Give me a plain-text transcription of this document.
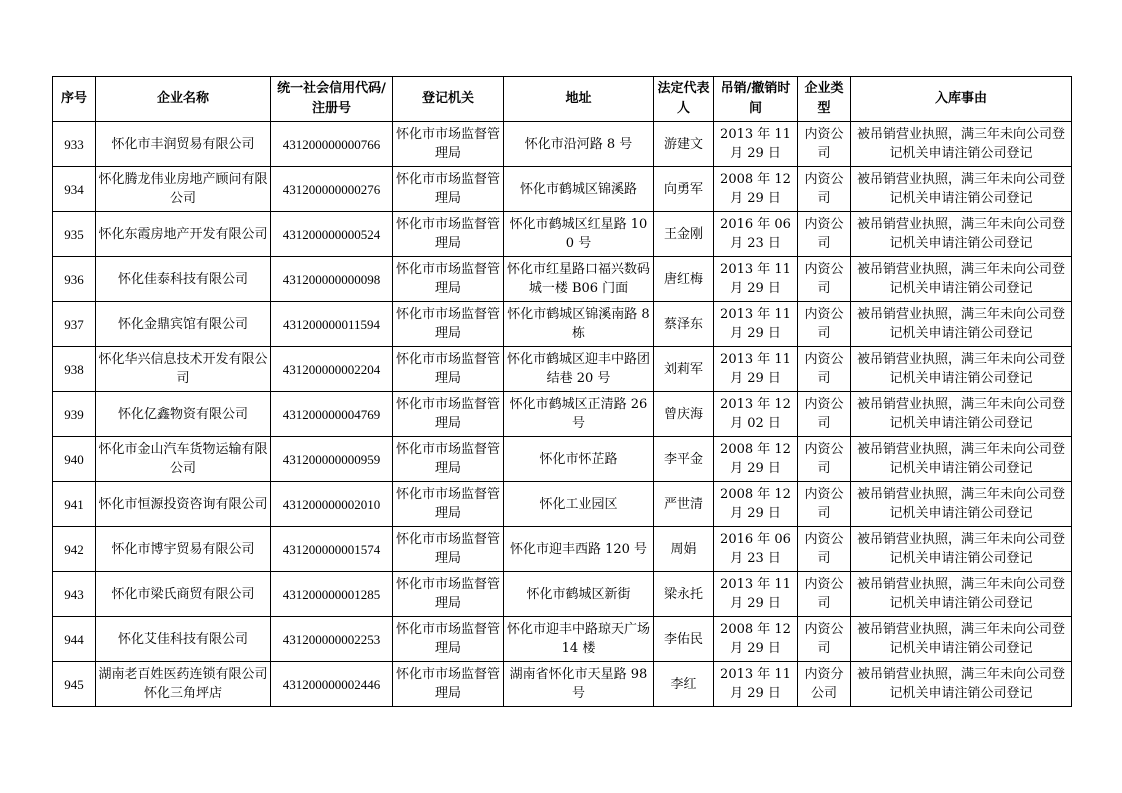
序号	企业名称	统一社会信用代码/注册号	登记机关	地址	法定代表人	吊销/撤销时间	企业类型	入库事由
933	怀化市丰润贸易有限公司	431200000000766	怀化市市场监督管理局	怀化市沿河路 8 号	游建文	2013 年 11 月 29 日	内资公司	被吊销营业执照，满三年未向公司登记机关申请注销公司登记
934	怀化腾龙伟业房地产顾问有限公司	431200000000276	怀化市市场监督管理局	怀化市鹤城区锦溪路	向勇军	2008 年 12 月 29 日	内资公司	被吊销营业执照，满三年未向公司登记机关申请注销公司登记
935	怀化东霞房地产开发有限公司	431200000000524	怀化市市场监督管理局	怀化市鹤城区红星路 100 号	王金刚	2016 年 06 月 23 日	内资公司	被吊销营业执照，满三年未向公司登记机关申请注销公司登记
936	怀化佳泰科技有限公司	431200000000098	怀化市市场监督管理局	怀化市红星路口福兴数码城一楼 B06 门面	唐红梅	2013 年 11 月 29 日	内资公司	被吊销营业执照，满三年未向公司登记机关申请注销公司登记
937	怀化金鼎宾馆有限公司	431200000011594	怀化市市场监督管理局	怀化市鹤城区锦溪南路 8 栋	蔡泽东	2013 年 11 月 29 日	内资公司	被吊销营业执照，满三年未向公司登记机关申请注销公司登记
938	怀化华兴信息技术开发有限公司	431200000002204	怀化市市场监督管理局	怀化市鹤城区迎丰中路团结巷 20 号	刘莉军	2013 年 11 月 29 日	内资公司	被吊销营业执照，满三年未向公司登记机关申请注销公司登记
939	怀化亿鑫物资有限公司	431200000004769	怀化市市场监督管理局	怀化市鹤城区正清路 26 号	曾庆海	2013 年 12 月 02 日	内资公司	被吊销营业执照，满三年未向公司登记机关申请注销公司登记
940	怀化市金山汽车货物运输有限公司	431200000000959	怀化市市场监督管理局	怀化市怀芷路	李平金	2008 年 12 月 29 日	内资公司	被吊销营业执照，满三年未向公司登记机关申请注销公司登记
941	怀化市恒源投资咨询有限公司	431200000002010	怀化市市场监督管理局	怀化工业园区	严世清	2008 年 12 月 29 日	内资公司	被吊销营业执照，满三年未向公司登记机关申请注销公司登记
942	怀化市博宇贸易有限公司	431200000001574	怀化市市场监督管理局	怀化市迎丰西路 120 号	周娟	2016 年 06 月 23 日	内资公司	被吊销营业执照，满三年未向公司登记机关申请注销公司登记
943	怀化市梁氏商贸有限公司	431200000001285	怀化市市场监督管理局	怀化市鹤城区新街	梁永托	2013 年 11 月 29 日	内资公司	被吊销营业执照，满三年未向公司登记机关申请注销公司登记
944	怀化艾佳科技有限公司	431200000002253	怀化市市场监督管理局	怀化市迎丰中路琼天广场 14 楼	李佑民	2008 年 12 月 29 日	内资公司	被吊销营业执照，满三年未向公司登记机关申请注销公司登记
945	湖南老百姓医药连锁有限公司怀化三角坪店	431200000002446	怀化市市场监督管理局	湖南省怀化市天星路 98 号	李红	2013 年 11 月 29 日	内资分公司	被吊销营业执照，满三年未向公司登记机关申请注销公司登记
